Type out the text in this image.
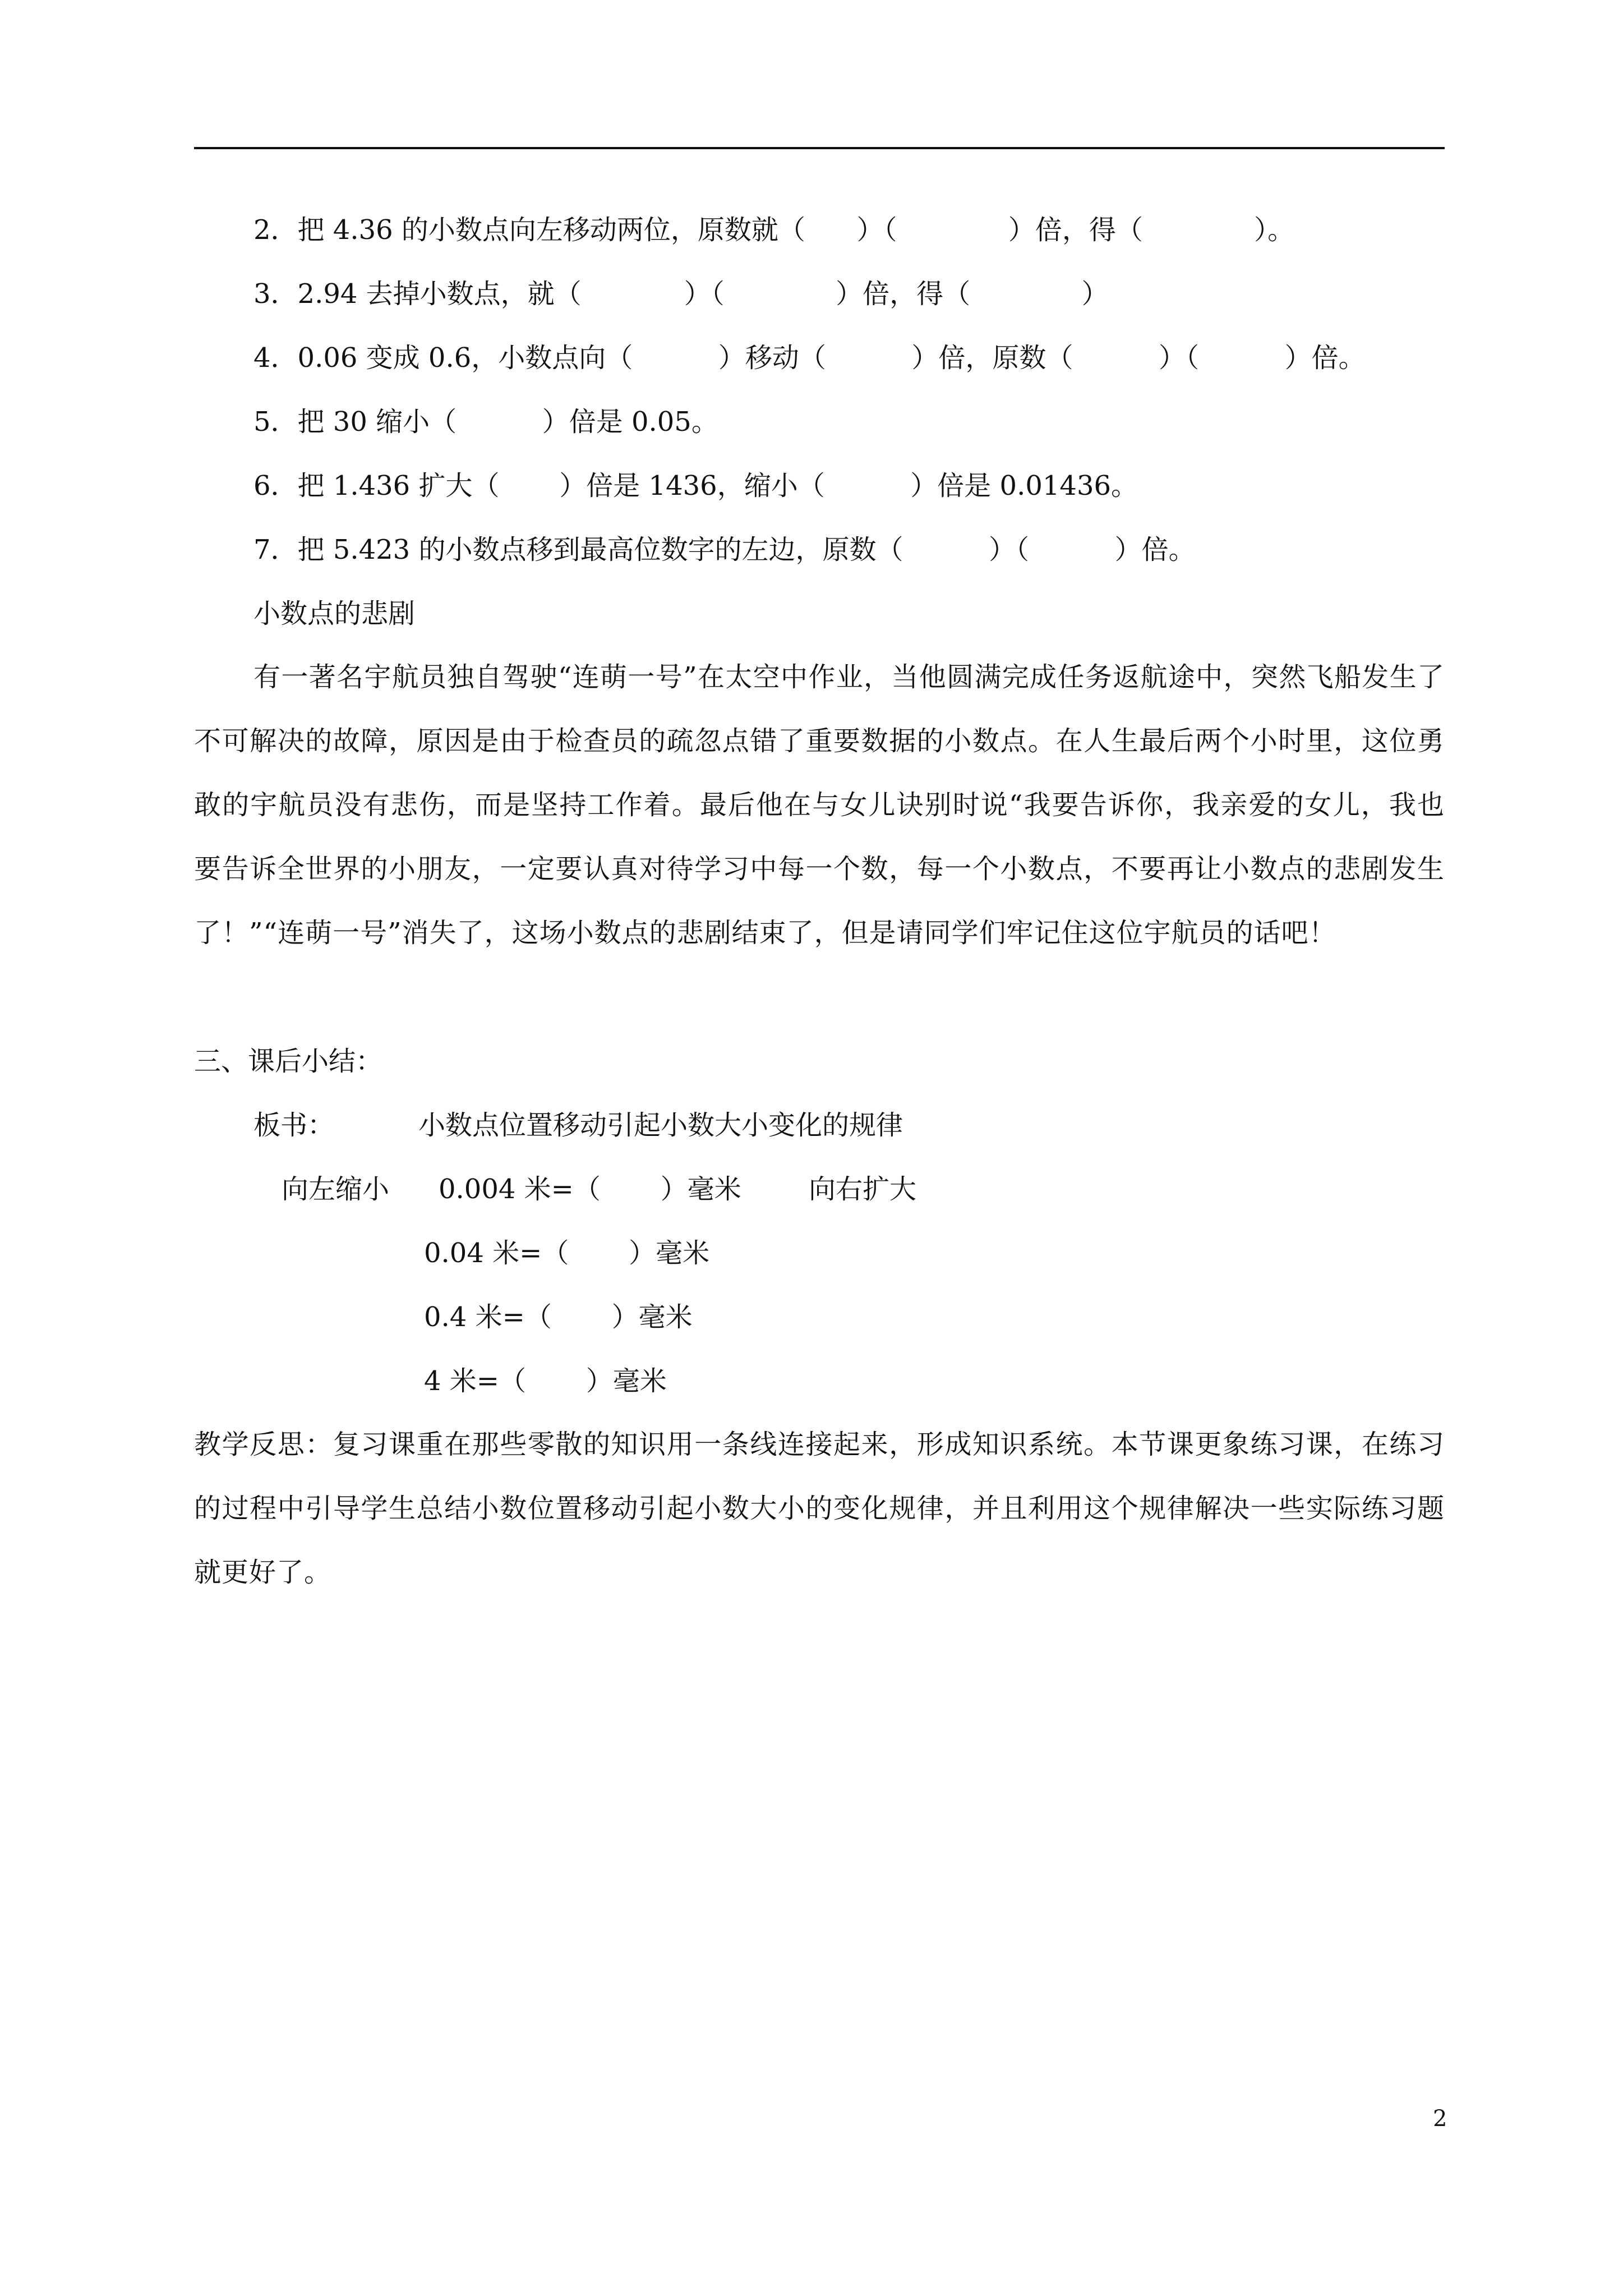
2．把 4.36 的小数点向左移动两位，原数就（      ）（             ）倍，得（             ）。

3．2.94 去掉小数点，就（            ）（             ）倍，得（             ）

4．0.06 变成 0.6，小数点向（          ）移动（          ）倍，原数（          ）（          ）倍。

5．把 30 缩小（          ）倍是 0.05。

6．把 1.436 扩大（       ）倍是 1436，缩小（          ）倍是 0.01436。

7．把 5.423 的小数点移到最高位数字的左边，原数（          ）（          ）倍。

小数点的悲剧

有一著名宇航员独自驾驶“连萌一号”在太空中作业，当他圆满完成任务返航途中，突然飞船发生了不可解决的故障，原因是由于检查员的疏忽点错了重要数据的小数点。在人生最后两个小时里，这位勇敢的宇航员没有悲伤，而是坚持工作着。最后他在与女儿诀别时说“我要告诉你，我亲爱的女儿，我也要告诉全世界的小朋友，一定要认真对待学习中每一个数，每一个小数点，不要再让小数点的悲剧发生了！”“连萌一号”消失了，这场小数点的悲剧结束了，但是请同学们牢记住这位宇航员的话吧！

三、课后小结：

板书：	小数点位置移动引起小数大小变化的规律

向左缩小 0.004 米=（       ）毫米	向右扩大

0.04 米=（       ）毫米

0.4 米=（       ）毫米

4 米=（       ）毫米

教学反思：复习课重在那些零散的知识用一条线连接起来，形成知识系统。本节课更象练习课，在练习的过程中引导学生总结小数位置移动引起小数大小的变化规律，并且利用这个规律解决一些实际练习题就更好了。

2
